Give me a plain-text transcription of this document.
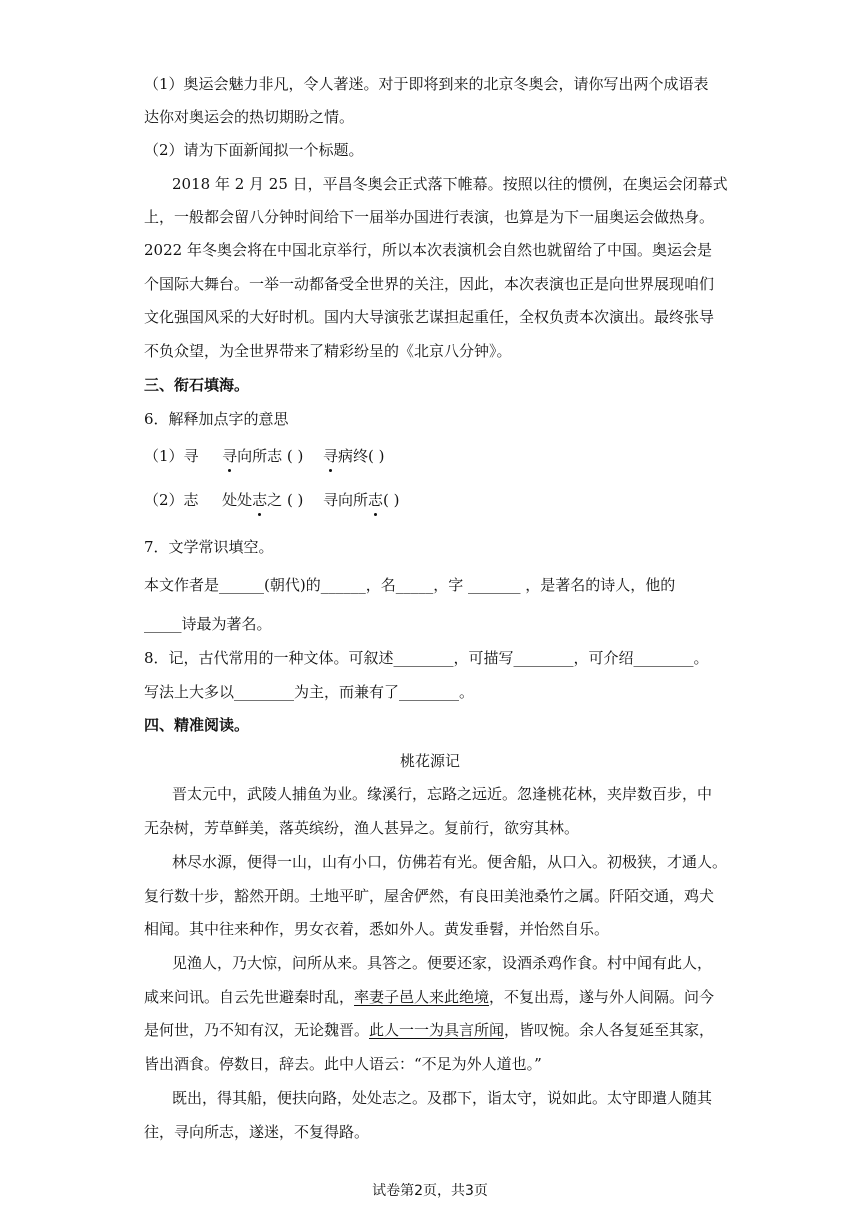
（1）奥运会魅力非凡，令人著迷。对于即将到来的北京冬奥会，请你写出两个成语表
达你对奥运会的热切期盼之情。
（2）请为下面新闻拟一个标题。
2018 年 2 月 25 日，平昌冬奥会正式落下帷幕。按照以往的惯例，在奥运会闭幕式
上，一般都会留八分钟时间给下一届举办国进行表演，也算是为下一届奥运会做热身。
2022 年冬奥会将在中国北京举行，所以本次表演机会自然也就留给了中国。奥运会是
个国际大舞台。一举一动都备受全世界的关注，因此，本次表演也正是向世界展现咱们
文化强国风采的大好时机。国内大导演张艺谋担起重任，全权负责本次演出。最终张导
不负众望，为全世界带来了精彩纷呈的《北京八分钟》。
三、衔石填海。
6．解释加点字的意思
（1）寻 寻向所志 ( ) 寻病终( )
（2）志 处处志之 ( ) 寻向所志( )
7．文学常识填空。
本文作者是______(朝代)的______，名_____，字 _______ ，是著名的诗人，他的
_____诗最为著名。
8．记，古代常用的一种文体。可叙述________，可描写________，可介绍________。
写法上大多以________为主，而兼有了________。
四、精准阅读。
桃花源记
晋太元中，武陵人捕鱼为业。缘溪行，忘路之远近。忽逢桃花林，夹岸数百步，中
无杂树，芳草鲜美，落英缤纷，渔人甚异之。复前行，欲穷其林。
林尽水源，便得一山，山有小口，仿佛若有光。便舍船，从口入。初极狭，才通人。
复行数十步，豁然开朗。土地平旷，屋舍俨然，有良田美池桑竹之属。阡陌交通，鸡犬
相闻。其中往来种作，男女衣着，悉如外人。黄发垂髫，并怡然自乐。
见渔人，乃大惊，问所从来。具答之。便要还家，设酒杀鸡作食。村中闻有此人，
咸来问讯。自云先世避秦时乱，率妻子邑人来此绝境，不复出焉，遂与外人间隔。问今
是何世，乃不知有汉，无论魏晋。此人一一为具言所闻，皆叹惋。余人各复延至其家，
皆出酒食。停数日，辞去。此中人语云：“不足为外人道也。”
既出，得其船，便扶向路，处处志之。及郡下，诣太守，说如此。太守即遣人随其
往，寻向所志，遂迷，不复得路。
试卷第2页，共3页
